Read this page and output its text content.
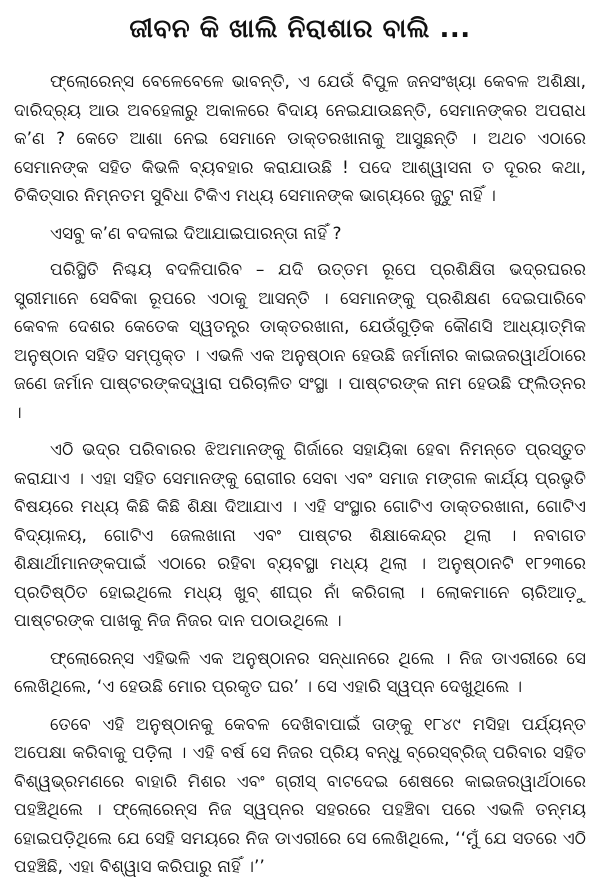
ଜୀବନ କି ଖାଲି ନିରାଶାର ବାଲି ...

ଫ୍ଲୋରେନ୍ସ ବେଳେବେଳେ ଭାବନ୍ତି, ଏ ଯେଉଁ ବିପୁଳ ଜନସଂଖ୍ୟା କେବଳ ଅଶିକ୍ଷା, ଦାରିଦ୍ର୍ୟ ଆଉ ଅବହେଳାରୁ ଅକାଳରେ ବିଦାୟ ନେଇଯାଉଛନ୍ତି, ସେମାନଙ୍କର ଅପରାଧ କ’ଣ ? କେତେ ଆଶା ନେଇ ସେମାନେ ଡାକ୍ତରଖାନାକୁ ଆସୁଛନ୍ତି । ଅଥଚ ଏଠାରେ ସେମାନଙ୍କ ସହିତ କିଭଳି ବ୍ୟବହାର କରାଯାଉଛି ! ପଦେ ଆଶ୍ୱାସନା ତ ଦୂରର କଥା, ଚିକିତ୍ସାର ନିମ୍ନତମ ସୁବିଧା ଟିକିଏ ମଧ୍ୟ ସେମାନଙ୍କ ଭାଗ୍ୟରେ ଜୁଟୁ ନାହିଁ ।

ଏସବୁ କ’ଣ ବଦଳାଇ ଦିଆଯାଇପାରନ୍ତା ନାହିଁ ?

ପରିସ୍ଥିତି ନିଶ୍ଚୟ ବଦଳିପାରିବ – ଯଦି ଉତ୍ତମ ରୂପେ ପ୍ରଶିକ୍ଷିତା ଭଦ୍ରଘରର ସ୍ତ୍ରୀମାନେ ସେବିକା ରୂପରେ ଏଠାକୁ ଆସନ୍ତି । ସେମାନଙ୍କୁ ପ୍ରଶିକ୍ଷଣ ଦେଇପାରିବେ କେବଳ ଦେଶର କେତେକ ସ୍ୱତନ୍ତ୍ର ଡାକ୍ତରଖାନା, ଯେଉଁଗୁଡ଼ିକ କୌଣସି ଆଧ୍ୟାତ୍ମିକ ଅନୁଷ୍ଠାନ ସହିତ ସମ୍ପୃକ୍ତ । ଏଭଳି ଏକ ଅନୁଷ୍ଠାନ ହେଉଛି ଜର୍ମାନୀର କାଇଜରୱାର୍ଥଠାରେ ଜଣେ ଜର୍ମାନ ପାଷ୍ଟରଙ୍କଦ୍ୱାରା ପରିଚାଳିତ ସଂସ୍ଥା । ପାଷ୍ଟରଙ୍କ ନାମ ହେଉଛି ଫ୍ଲିଡ୍‌ନର ।

ଏଠି ଭଦ୍ର ପରିବାରର ଝିଅମାନଙ୍କୁ ଗିର୍ଜାରେ ସହାୟିକା ହେବା ନିମନ୍ତେ ପ୍ରସ୍ତୁତ କରାଯାଏ । ଏହା ସହିତ ସେମାନଙ୍କୁ ରୋଗୀର ସେବା ଏବଂ ସମାଜ ମଙ୍ଗଳ କାର୍ଯ୍ୟ ପ୍ରଭୃତି ବିଷୟରେ ମଧ୍ୟ କିଛି କିଛି ଶିକ୍ଷା ଦିଆଯାଏ । ଏହି ସଂସ୍ଥାର ଗୋଟିଏ ଡାକ୍ତରଖାନା, ଗୋଟିଏ ବିଦ୍ୟାଳୟ, ଗୋଟିଏ ଜେଲଖାନା ଏବଂ ପାଷ୍ଟର ଶିକ୍ଷାକେନ୍ଦ୍ର ଥିଲା । ନବାଗତ ଶିକ୍ଷାର୍ଥୀମାନଙ୍କପାଇଁ ଏଠାରେ ରହିବା ବ୍ୟବସ୍ଥା ମଧ୍ୟ ଥିଲା । ଅନୁଷ୍ଠାନଟି ୧୮୨୩ରେ ପ୍ରତିଷ୍ଠିତ ହୋଇଥିଲେ ମଧ୍ୟ ଖୁବ୍ ଶୀଘ୍ର ନାଁ କରିଗଲା । ଲୋକମାନେ ଚାରିଆଡ଼ୁ ପାଷ୍ଟରଙ୍କ ପାଖକୁ ନିଜ ନିଜର ଦାନ ପଠାଉଥିଲେ ।

ଫ୍ଲୋରେନ୍ସ ଏହିଭଳି ଏକ ଅନୁଷ୍ଠାନର ସନ୍ଧାନରେ ଥିଲେ । ନିଜ ଡାଏରୀରେ ସେ ଲେଖିଥିଲେ, ‘ଏ ହେଉଛି ମୋର ପ୍ରକୃତ ଘର’ । ସେ ଏହାରି ସ୍ୱପ୍ନ ଦେଖୁଥିଲେ ।

ତେବେ ଏହି ଅନୁଷ୍ଠାନକୁ କେବଳ ଦେଖିବାପାଇଁ ତାଙ୍କୁ ୧୮୪୯ ମସିହା ପର୍ଯ୍ୟନ୍ତ ଅପେକ୍ଷା କରିବାକୁ ପଡ଼ିଲା । ଏହି ବର୍ଷ ସେ ନିଜର ପ୍ରିୟ ବନ୍ଧୁ ବ୍ରେସ୍‌ବ୍ରିଜ୍ ପରିବାର ସହିତ ବିଶ୍ୱଭ୍ରମଣରେ ବାହାରି ମିଶର ଏବଂ ଗ୍ରୀସ୍ ବାଟଦେଇ ଶେଷରେ କାଇଜରୱାର୍ଥଠାରେ ପହଞ୍ଚିଥିଲେ । ଫ୍ଲୋରେନ୍ସ ନିଜ ସ୍ୱପ୍ନର ସହରରେ ପହଞ୍ଚିବା ପରେ ଏଭଳି ତନ୍ମୟ ହୋଇପଡ଼ିଥିଲେ ଯେ ସେହି ସମୟରେ ନିଜ ଡାଏରୀରେ ସେ ଲେଖିଥିଲେ, ‘‘ମୁଁ ଯେ ସତରେ ଏଠି ପହଞ୍ଚିଛି, ଏହା ବିଶ୍ୱାସ କରିପାରୁ ନାହିଁ ।’’
